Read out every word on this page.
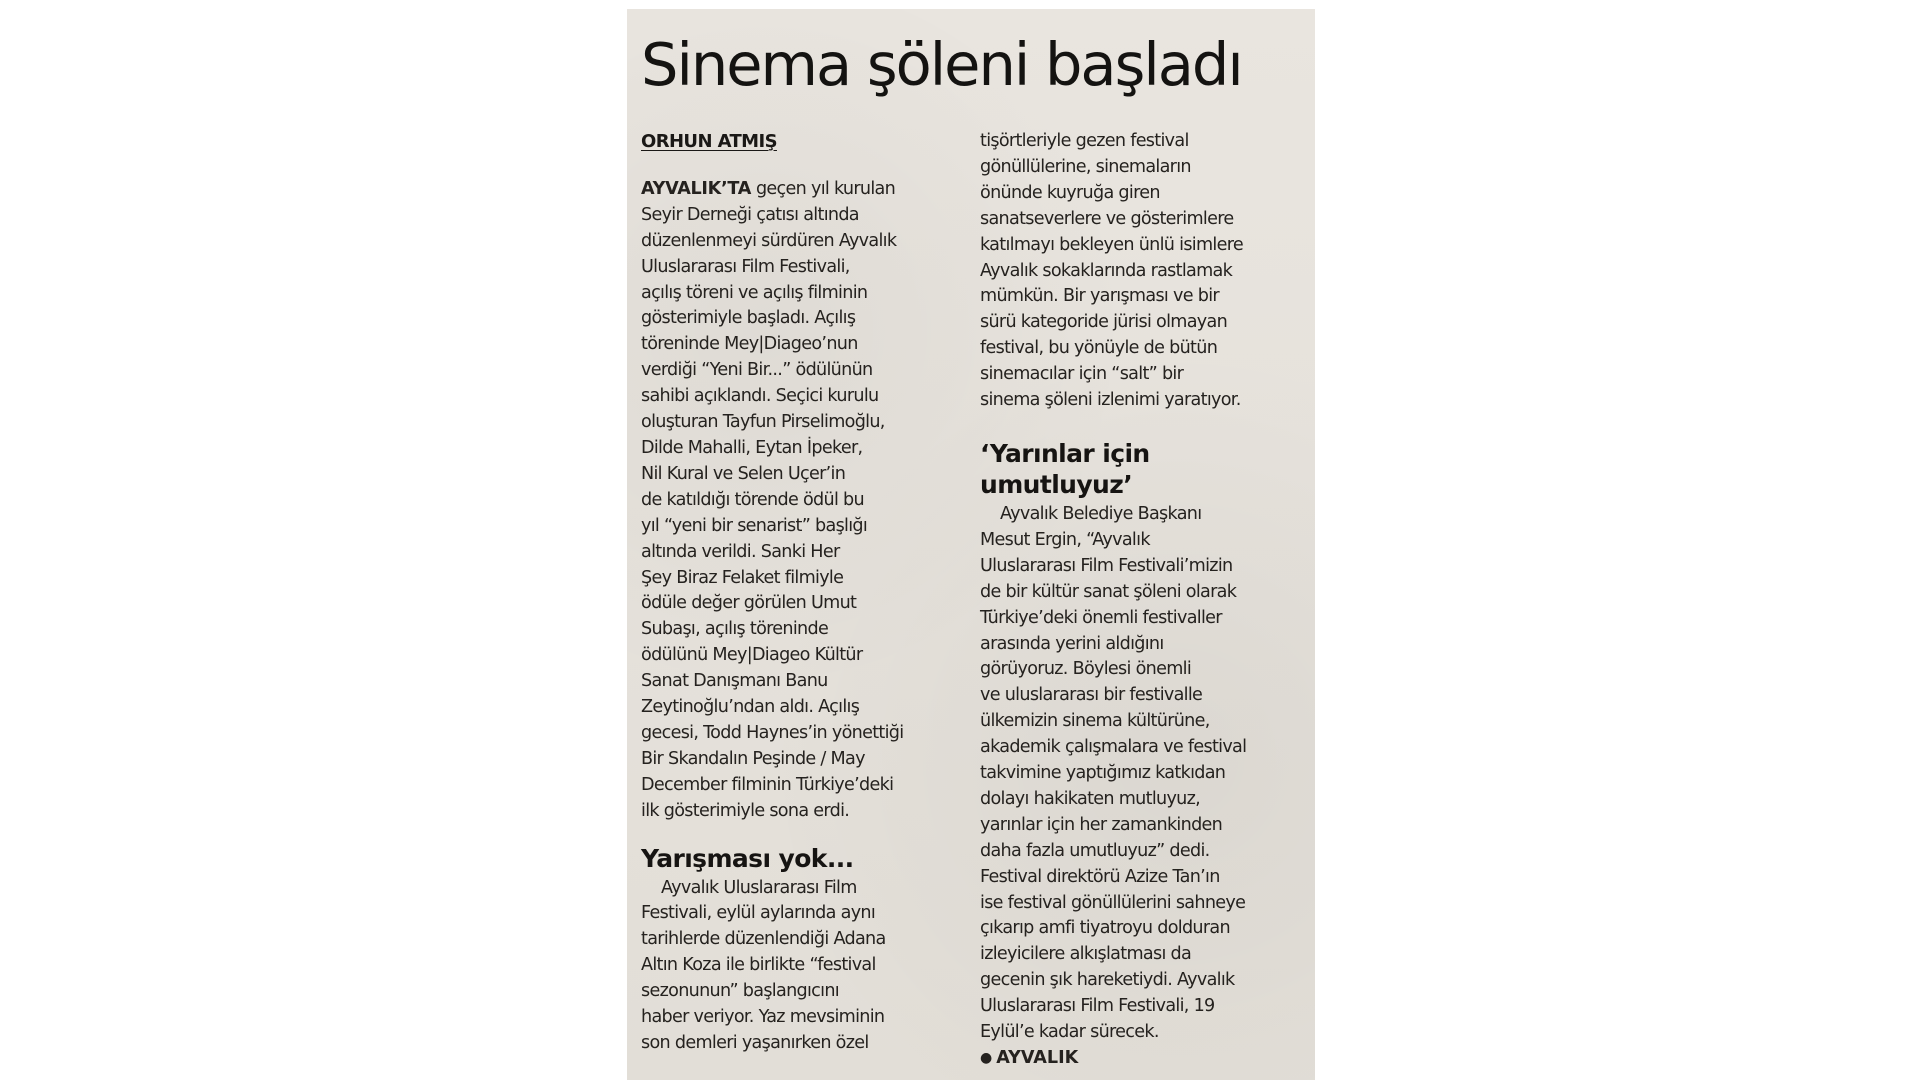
Sinema şöleni başladı
ORHUN ATMIŞ

AYVALIK’TA geçen yıl kurulan
Seyir Derneği çatısı altında
düzenlenmeyi sürdüren Ayvalık
Uluslararası Film Festivali,
açılış töreni ve açılış filminin
gösterimiyle başladı. Açılış
töreninde Mey|Diageo’nun
verdiği “Yeni Bir...” ödülünün
sahibi açıklandı. Seçici kurulu
oluşturan Tayfun Pirselimoğlu,
Dilde Mahalli, Eytan İpeker,
Nil Kural ve Selen Uçer’in
de katıldığı törende ödül bu
yıl “yeni bir senarist” başlığı
altında verildi. Sanki Her
Şey Biraz Felaket filmiyle
ödüle değer görülen Umut
Subaşı, açılış töreninde
ödülünü Mey|Diageo Kültür
Sanat Danışmanı Banu
Zeytinoğlu’ndan aldı. Açılış
gecesi, Todd Haynes’in yönettiği
Bir Skandalın Peşinde / May
December filminin Türkiye’deki
ilk gösterimiyle sona erdi.

Yarışması yok...

Ayvalık Uluslararası Film
Festivali, eylül aylarında aynı
tarihlerde düzenlendiği Adana
Altın Koza ile birlikte “festival
sezonunun” başlangıcını
haber veriyor. Yaz mevsiminin
son demleri yaşanırken özel

tişörtleriyle gezen festival
gönüllülerine, sinemaların
önünde kuyruğa giren
sanatseverlere ve gösterimlere
katılmayı bekleyen ünlü isimlere
Ayvalık sokaklarında rastlamak
mümkün. Bir yarışması ve bir
sürü kategoride jürisi olmayan
festival, bu yönüyle de bütün
sinemacılar için “salt” bir
sinema şöleni izlenimi yaratıyor.

‘Yarınlar için
umutluyuz’

Ayvalık Belediye Başkanı
Mesut Ergin, “Ayvalık
Uluslararası Film Festivali’mizin
de bir kültür sanat şöleni olarak
Türkiye’deki önemli festivaller
arasında yerini aldığını
görüyoruz. Böylesi önemli
ve uluslararası bir festivalle
ülkemizin sinema kültürüne,
akademik çalışmalara ve festival
takvimine yaptığımız katkıdan
dolayı hakikaten mutluyuz,
yarınlar için her zamankinden
daha fazla umutluyuz” dedi.
Festival direktörü Azize Tan’ın
ise festival gönüllülerini sahneye
çıkarıp amfi tiyatroyu dolduran
izleyicilere alkışlatması da
gecenin şık hareketiydi. Ayvalık
Uluslararası Film Festivali, 19
Eylül’e kadar sürecek.

● AYVALIK
